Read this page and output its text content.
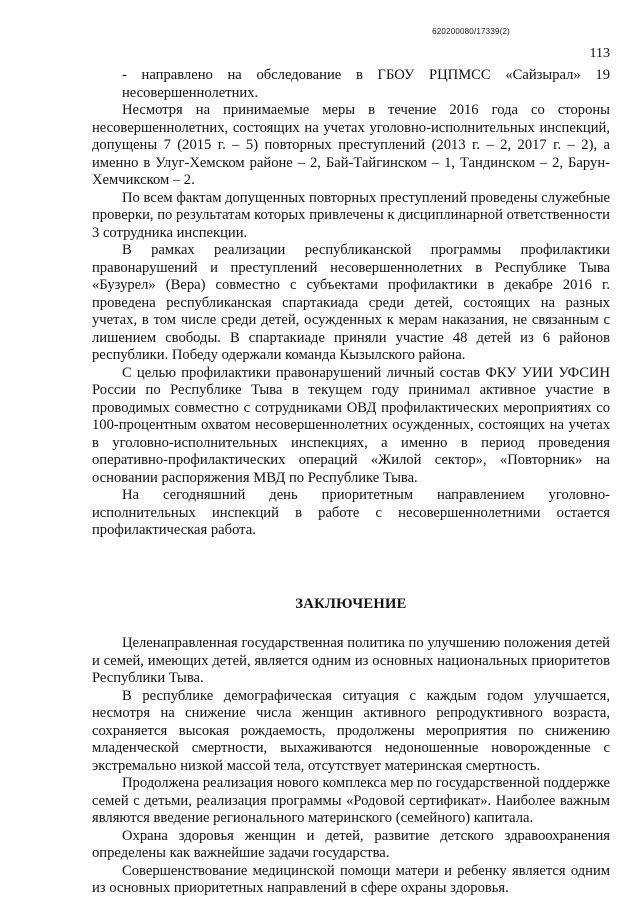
620200080/17339(2)
113

- направлено на обследование в ГБОУ РЦПМСС «Сайзырал» 19 несовершеннолетних.

Несмотря на принимаемые меры в течение 2016 года со стороны несовершеннолетних, состоящих на учетах уголовно-исполнительных инспекций, допущены 7 (2015 г. – 5) повторных преступлений (2013 г. – 2, 2017 г. – 2), а именно в Улуг-Хемском районе – 2, Бай-Тайгинском – 1, Тандинском – 2, Барун-Хемчикском – 2.

По всем фактам допущенных повторных преступлений проведены служебные проверки, по результатам которых привлечены к дисциплинарной ответственности 3 сотрудника инспекции.

В рамках реализации республиканской программы профилактики правонарушений и преступлений несовершеннолетних в Республике Тыва «Бузурел» (Вера) совместно с субъектами профилактики в декабре 2016 г. проведена республиканская спартакиада среди детей, состоящих на разных учетах, в том числе среди детей, осужденных к мерам наказания, не связанным с лишением свободы. В спартакиаде приняли участие 48 детей из 6 районов республики. Победу одержали команда Кызылского района.

С целью профилактики правонарушений личный состав ФКУ УИИ УФСИН России по Республике Тыва в текущем году принимал активное участие в проводимых совместно с сотрудниками ОВД профилактических мероприятиях со 100-процентным охватом несовершеннолетних осужденных, состоящих на учетах в уголовно-исполнительных инспекциях, а именно в период проведения оперативно-профилактических операций «Жилой сектор», «Повторник» на основании распоряжения МВД по Республике Тыва.

На сегодняшний день приоритетным направлением уголовно-исполнительных инспекций в работе с несовершеннолетними остается профилактическая работа.

ЗАКЛЮЧЕНИЕ

Целенаправленная государственная политика по улучшению положения детей и семей, имеющих детей, является одним из основных национальных приоритетов Республики Тыва.

В республике демографическая ситуация с каждым годом улучшается, несмотря на снижение числа женщин активного репродуктивного возраста, сохраняется высокая рождаемость, продолжены мероприятия по снижению младенческой смертности, выхаживаются недоношенные новорожденные с экстремально низкой массой тела, отсутствует материнская смертность.

Продолжена реализация нового комплекса мер по государственной поддержке семей с детьми, реализация программы «Родовой сертификат». Наиболее важным являются введение регионального материнского (семейного) капитала.

Охрана здоровья женщин и детей, развитие детского здравоохранения определены как важнейшие задачи государства.

Совершенствование медицинской помощи матери и ребенку является одним из основных приоритетных направлений в сфере охраны здоровья.
